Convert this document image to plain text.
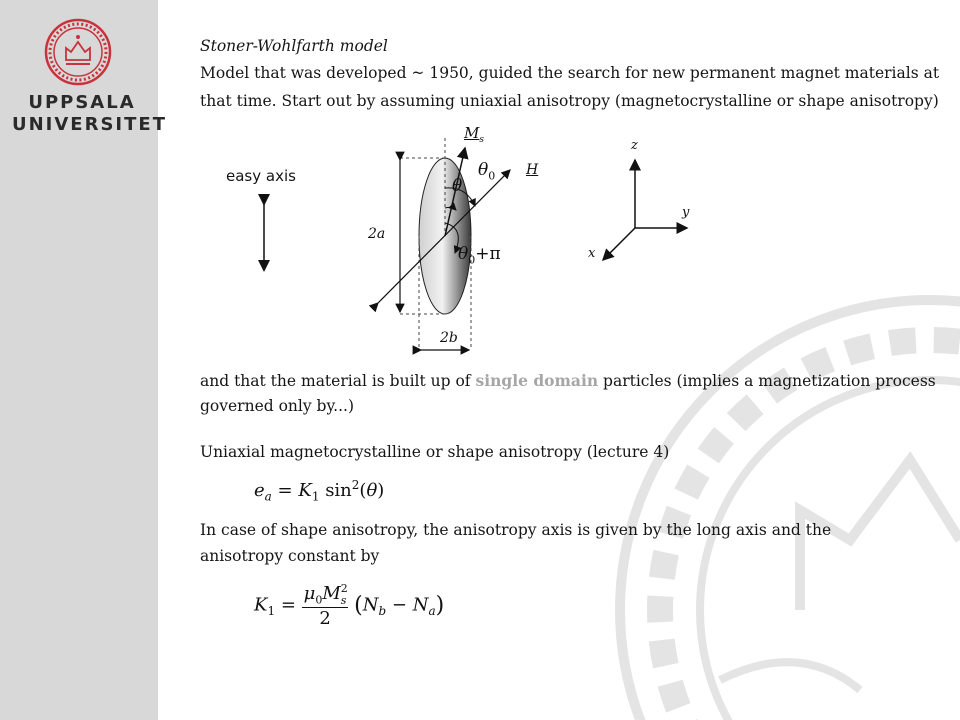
UPPSALA
UNIVERSITET
Stoner-Wohlfarth model
Model that was developed ~ 1950, guided the search for new permanent magnet materials at
that time. Start out by assuming uniaxial anisotropy (magnetocrystalline or shape anisotropy)
easy axis
$M_s$
H
$\theta_0$
θ
$\theta_0+\pi$
2a
2b
z
y
x
and that the material is built up of single domain particles (implies a magnetization process
governed only by...)
Uniaxial magnetocrystalline or shape anisotropy (lecture 4)
$e_a = K_1$ $\sin^2(\theta)$
In case of shape anisotropy, the anisotropy axis is given by the long axis and the
anisotropy constant by
$K_1 = \frac{\mu_0M^2_s}{2} (N_b - N_a)$
